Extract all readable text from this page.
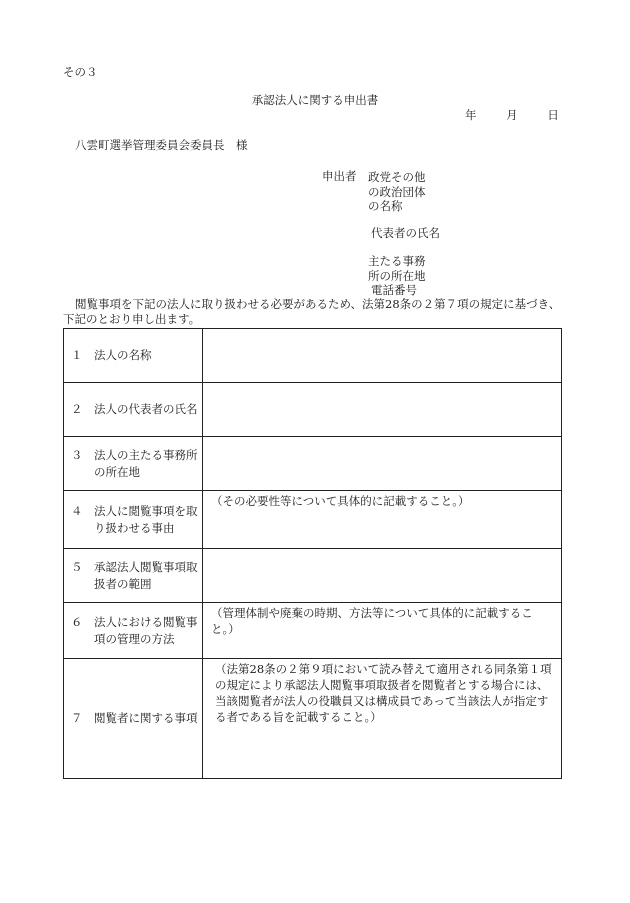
その３
承認法人に関する申出書
年	月	日
八雲町選挙管理委員会委員長　様
申出者 政党その他
の政治団体
の名称
代表者の氏名
主たる事務
所の所在地
電話番号
閲覧事項を下記の法人に取り扱わせる必要があるため、法第28条の２第７項の規定に基づき、下記のとおり申し出ます。
１　法人の名称	

２　法人の代表者の氏名	

３　法人の主たる事務所の所在地	

４　法人に閲覧事項を取り扱わせる事由	（その必要性等について具体的に記載すること。）

５　承認法人閲覧事項取扱者の範囲	

６　法人における閲覧事項の管理の方法	（管理体制や廃棄の時期、方法等について具体的に記載すること。）

７　閲覧者に関する事項	（法第28条の２第９項において読み替えて適用される同条第１項の規定により承認法人閲覧事項取扱者を閲覧者とする場合には、当該閲覧者が法人の役職員又は構成員であって当該法人が指定する者である旨を記載すること。）
